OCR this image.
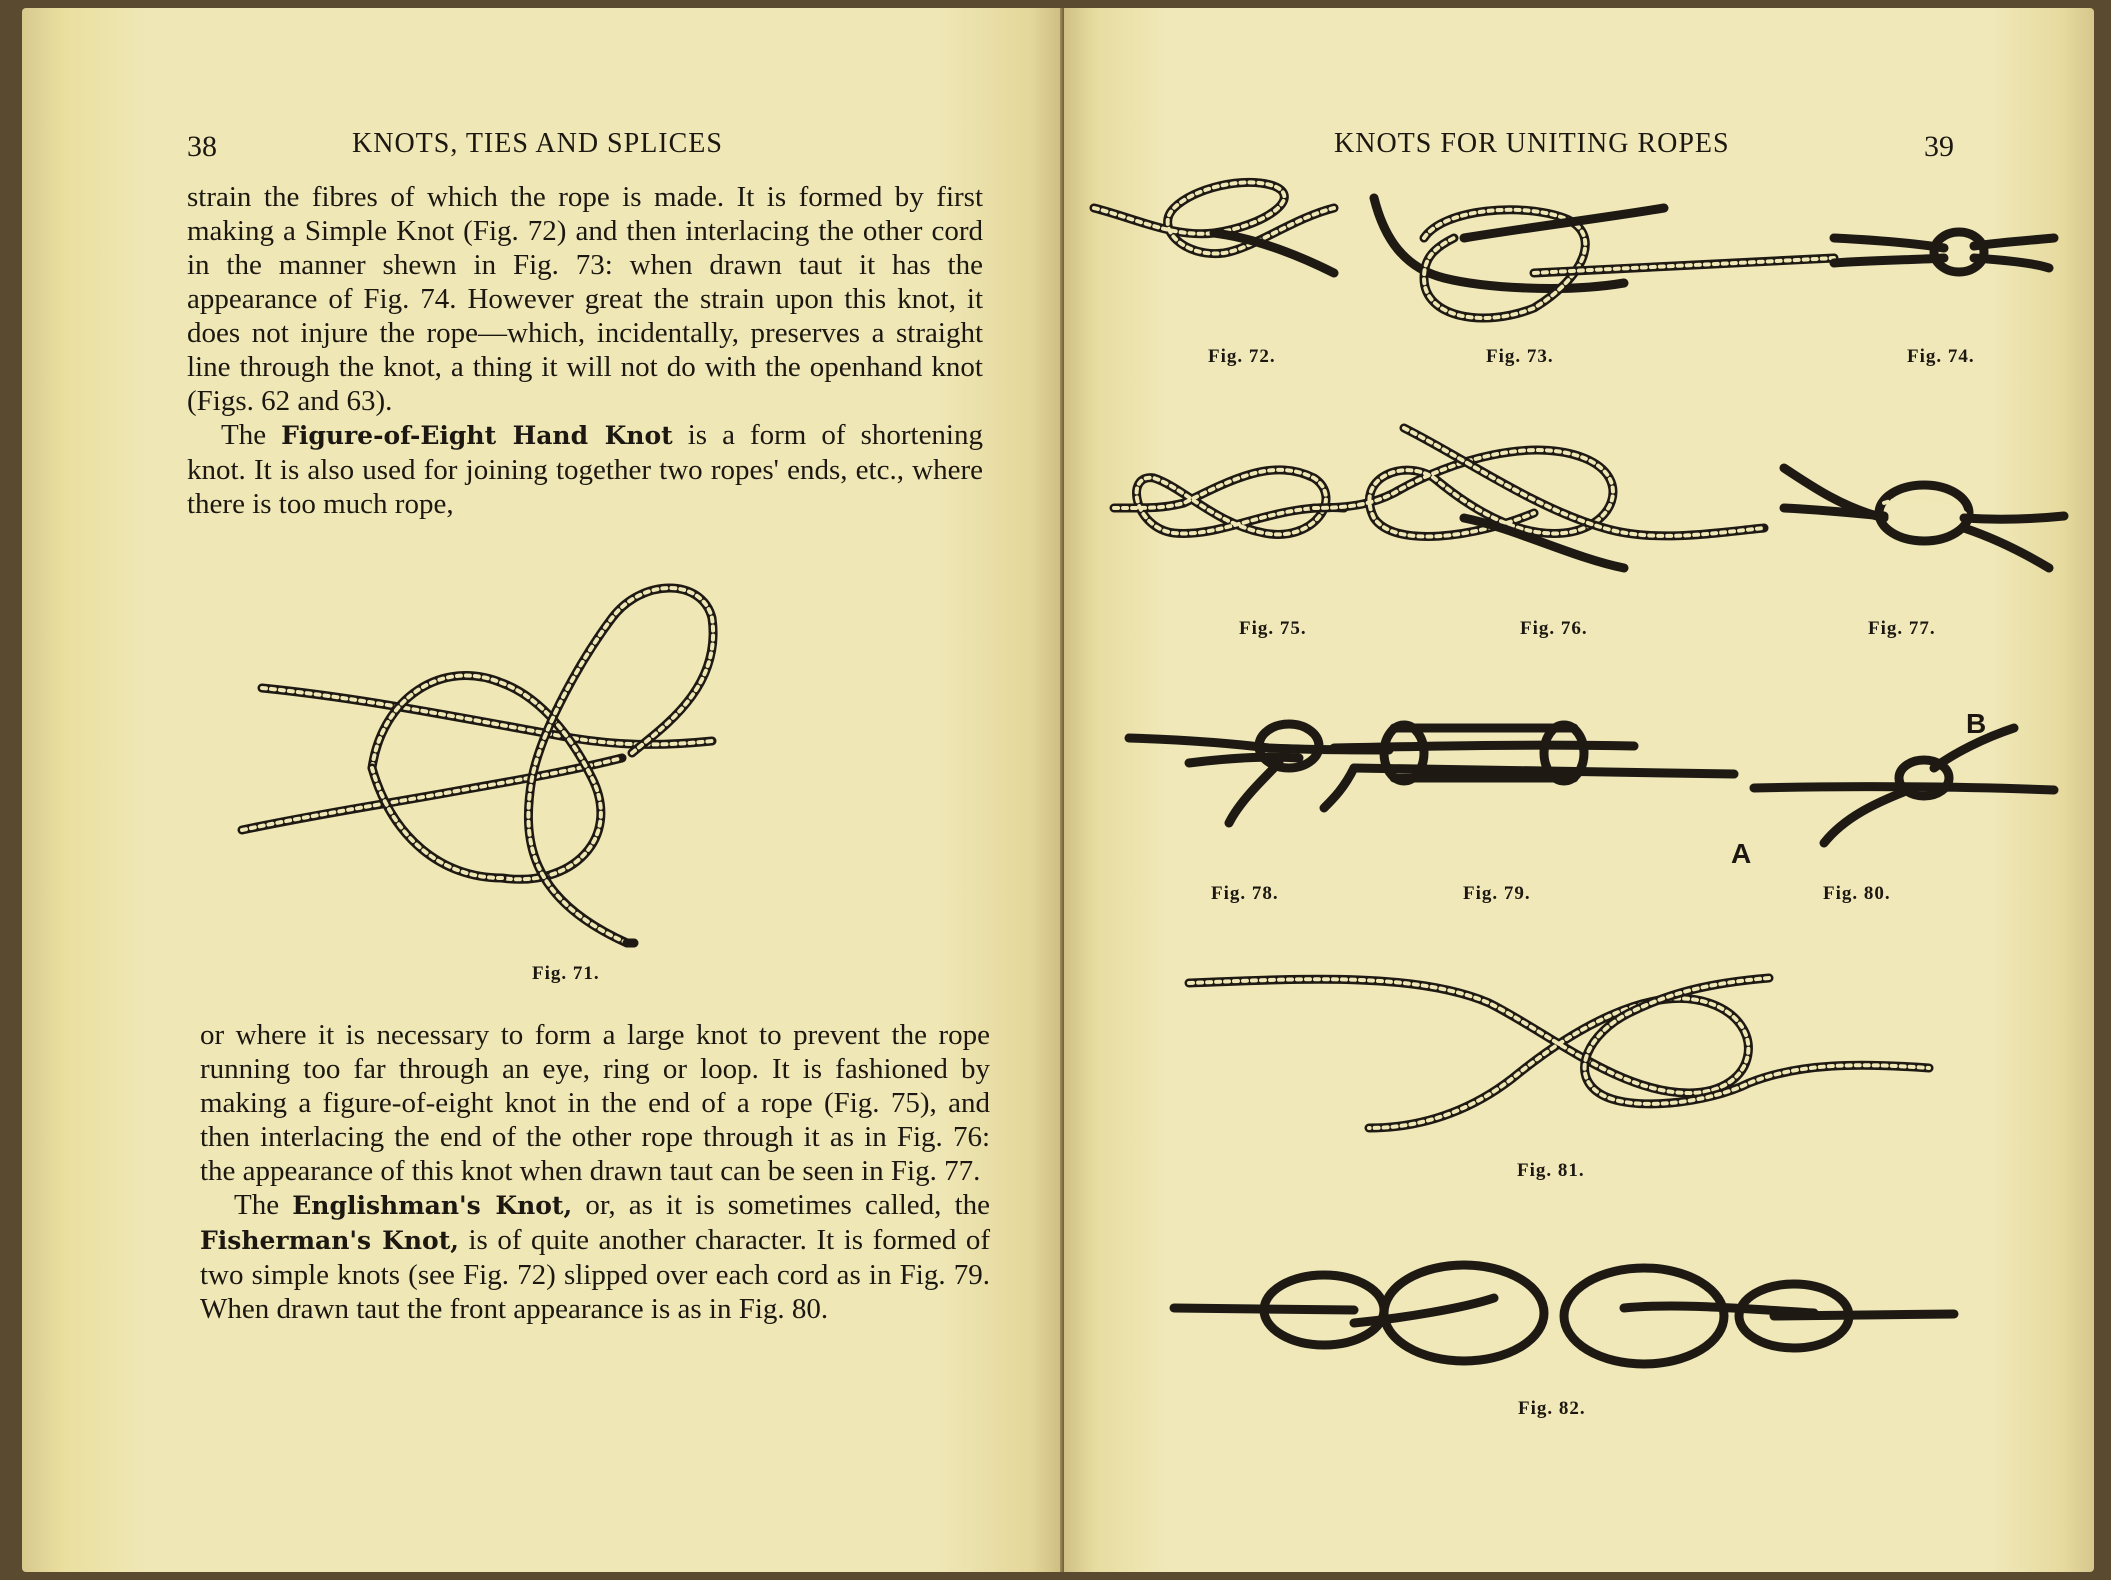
38	KNOTS, TIES AND SPLICES

strain the fibres of which the rope is made. It is formed by first making a Simple Knot (Fig. 72) and then interlacing the other cord in the manner shewn in Fig. 73: when drawn taut it has the appearance of Fig. 74. However great the strain upon this knot, it does not injure the rope—which, incidentally, preserves a straight line through the knot, a thing it will not do with the openhand knot (Figs. 62 and 63).

The Figure-of-Eight Hand Knot is a form of shortening knot. It is also used for joining together two ropes' ends, etc., where there is too much rope,

Fig. 71.

or where it is necessary to form a large knot to prevent the rope running too far through an eye, ring or loop. It is fashioned by making a figure-of-eight knot in the end of a rope (Fig. 75), and then interlacing the end of the other rope through it as in Fig. 76: the appearance of this knot when drawn taut can be seen in Fig. 77.

The Englishman's Knot, or, as it is sometimes called, the Fisherman's Knot, is of quite another character. It is formed of two simple knots (see Fig. 72) slipped over each cord as in Fig. 79. When drawn taut the front appearance is as in Fig. 80.

KNOTS FOR UNITING ROPES	39
Fig. 72.	Fig. 73.	Fig. 74.
Fig. 75.	Fig. 76.	Fig. 77.
B
A
Fig. 78.	Fig. 79.	Fig. 80.
Fig. 81.
Fig. 82.
